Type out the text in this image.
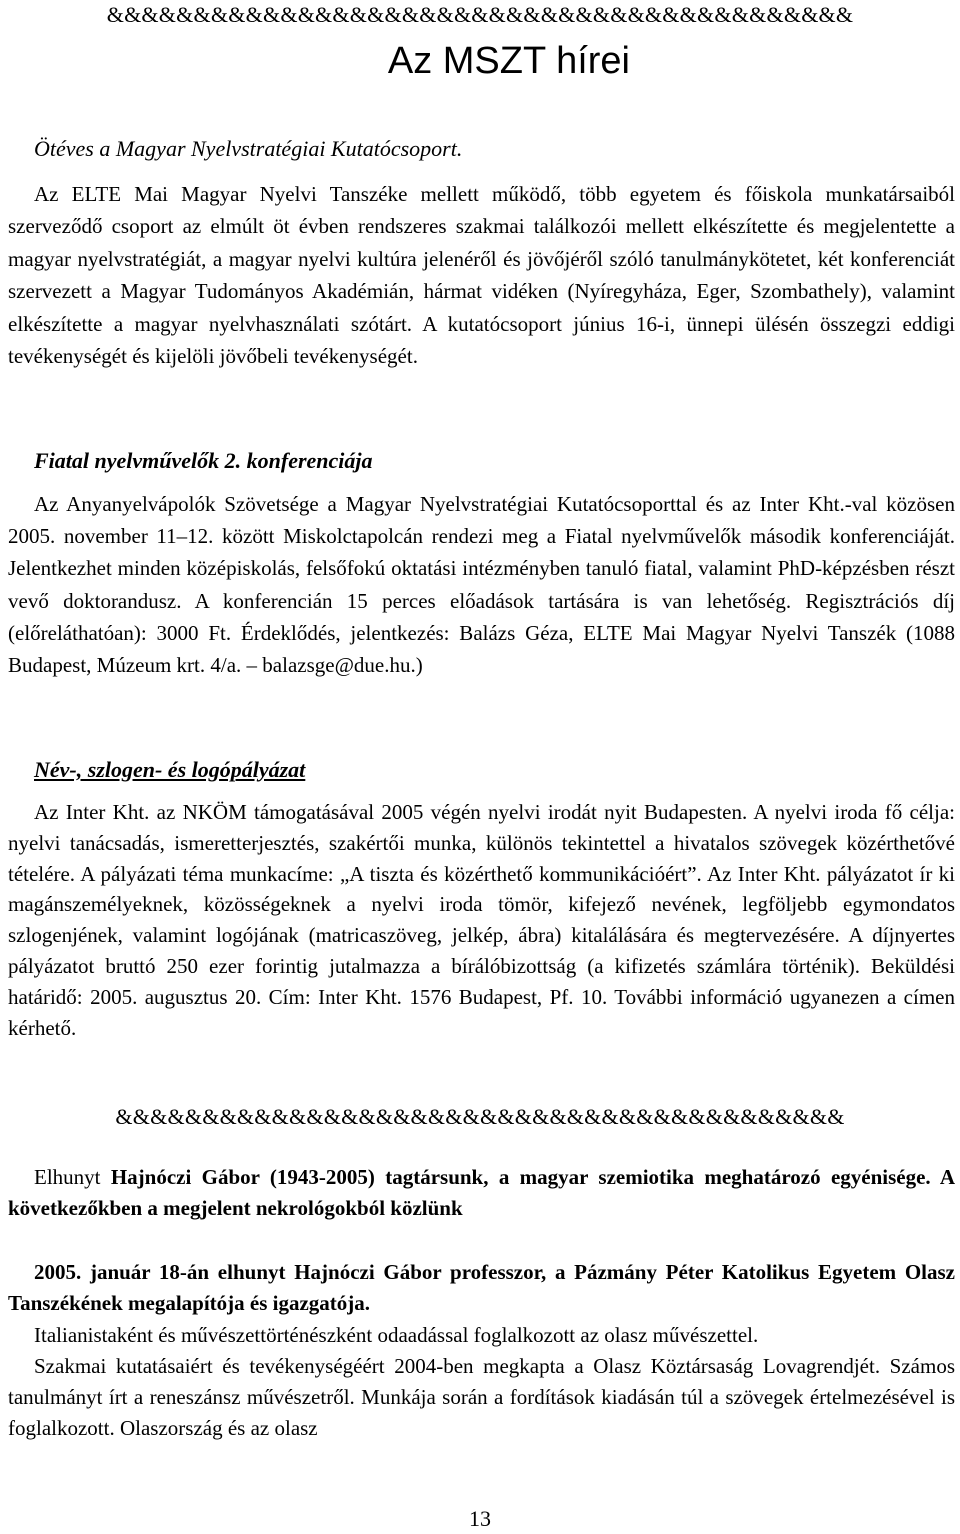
&&&&&&&&&&&&&&&&&&&&&&&&&&&&&&&&&&&&&&&&&&&
Az MSZT hírei
Ötéves a Magyar Nyelvstratégiai Kutatócsoport.

Az ELTE Mai Magyar Nyelvi Tanszéke mellett működő, több egyetem és főiskola munkatársaiból szerveződő csoport az elmúlt öt évben rendszeres szakmai találkozói mellett elkészítette és megjelentette a magyar nyelvstratégiát, a magyar nyelvi kultúra jelenéről és jövőjéről szóló tanulmánykötetet, két konferenciát szervezett a Magyar Tudományos Akadémián, hármat vidéken (Nyíregyháza, Eger, Szombathely), valamint elkészítette a magyar nyelvhasználati szótárt. A kutatócsoport június 16-i, ünnepi ülésén összegzi eddigi tevékenységét és kijelöli jövőbeli tevékenységét.

Fiatal nyelvművelők 2. konferenciája

Az Anyanyelvápolók Szövetsége a Magyar Nyelvstratégiai Kutatócsoporttal és az Inter Kht.-val közösen 2005. november 11–12. között Miskolctapolcán rendezi meg a Fiatal nyelvművelők második konferenciáját. Jelentkezhet minden középiskolás, felsőfokú oktatási intézményben tanuló fiatal, valamint PhD-képzésben részt vevő doktorandusz. A konferencián 15 perces előadások tartására is van lehetőség. Regisztrációs díj (előreláthatóan): 3000 Ft. Érdeklődés, jelentkezés: Balázs Géza, ELTE Mai Magyar Nyelvi Tanszék (1088 Budapest, Múzeum krt. 4/a. – balazsge@due.hu.)

Név-, szlogen- és logópályázat

Az Inter Kht. az NKÖM támogatásával 2005 végén nyelvi irodát nyit Budapesten. A nyelvi iroda fő célja: nyelvi tanácsadás, ismeretterjesztés, szakértői munka, különös tekintettel a hivatalos szövegek közérthetővé tételére. A pályázati téma munkacíme: „A tiszta és közérthető kommunikációért”. Az Inter Kht. pályázatot ír ki magánszemélyeknek, közösségeknek a nyelvi iroda tömör, kifejező nevének, legföljebb egymondatos szlogenjének, valamint logójának (matricaszöveg, jelkép, ábra) kitalálására és megtervezésére. A díjnyertes pályázatot bruttó 250 ezer forintig jutalmazza a bírálóbizottság (a kifizetés számlára történik). Beküldési határidő: 2005. augusztus 20. Cím: Inter Kht. 1576 Budapest, Pf. 10. További információ ugyanezen a címen kérhető.

&&&&&&&&&&&&&&&&&&&&&&&&&&&&&&&&&&&&&&&&&&

Elhunyt Hajnóczi Gábor (1943-2005) tagtársunk, a magyar szemiotika meghatározó egyénisége. A következőkben a megjelent nekrológokból közlünk

2005. január 18-án elhunyt Hajnóczi Gábor professzor, a Pázmány Péter Katolikus Egyetem Olasz Tanszékének megalapítója és igazgatója.

Italianistaként és művészettörténészként odaadással foglalkozott az olasz művészettel.

Szakmai kutatásaiért és tevékenységéért 2004-ben megkapta a Olasz Köztársaság Lovagrendjét. Számos tanulmányt írt a reneszánsz művészetről. Munkája során a fordítások kiadásán túl a szövegek értelmezésével is foglalkozott. Olaszország és az olasz

13
